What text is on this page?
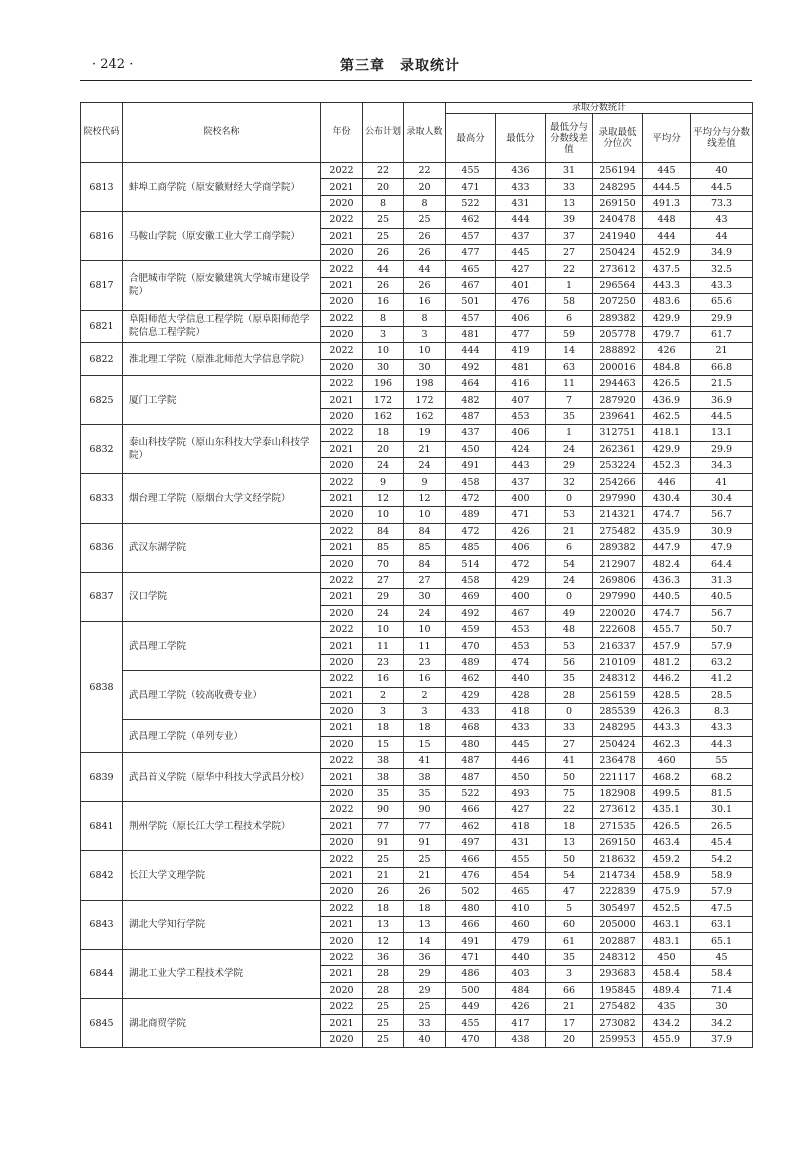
· 242 ·	第三章　录取统计
院校代码	院校名称	年份	公布计划	录取人数	录取分数统计					
					最高分	最低分	最低分与分数线差值	录取最低分位次	平均分	平均分与分数线差值
6813	蚌埠工商学院（原安徽财经大学商学院）	2022	22	22	455	436	31	256194	445	40
		2021	20	20	471	433	33	248295	444.5	44.5
		2020	8	8	522	431	13	269150	491.3	73.3
6816	马鞍山学院（原安徽工业大学工商学院）	2022	25	25	462	444	39	240478	448	43
		2021	25	26	457	437	37	241940	444	44
		2020	26	26	477	445	27	250424	452.9	34.9
6817	合肥城市学院（原安徽建筑大学城市建设学院）	2022	44	44	465	427	22	273612	437.5	32.5
		2021	26	26	467	401	1	296564	443.3	43.3
		2020	16	16	501	476	58	207250	483.6	65.6
6821	阜阳师范大学信息工程学院（原阜阳师范学院信息工程学院）	2022	8	8	457	406	6	289382	429.9	29.9
		2020	3	3	481	477	59	205778	479.7	61.7
6822	淮北理工学院（原淮北师范大学信息学院）	2022	10	10	444	419	14	288892	426	21
		2020	30	30	492	481	63	200016	484.8	66.8
6825	厦门工学院	2022	196	198	464	416	11	294463	426.5	21.5
		2021	172	172	482	407	7	287920	436.9	36.9
		2020	162	162	487	453	35	239641	462.5	44.5
6832	泰山科技学院（原山东科技大学泰山科技学院）	2022	18	19	437	406	1	312751	418.1	13.1
		2021	20	21	450	424	24	262361	429.9	29.9
		2020	24	24	491	443	29	253224	452.3	34.3
6833	烟台理工学院（原烟台大学文经学院）	2022	9	9	458	437	32	254266	446	41
		2021	12	12	472	400	0	297990	430.4	30.4
		2020	10	10	489	471	53	214321	474.7	56.7
6836	武汉东湖学院	2022	84	84	472	426	21	275482	435.9	30.9
		2021	85	85	485	406	6	289382	447.9	47.9
		2020	70	84	514	472	54	212907	482.4	64.4
6837	汉口学院	2022	27	27	458	429	24	269806	436.3	31.3
		2021	29	30	469	400	0	297990	440.5	40.5
		2020	24	24	492	467	49	220020	474.7	56.7
6838	武昌理工学院	2022	10	10	459	453	48	222608	455.7	50.7
		2021	11	11	470	453	53	216337	457.9	57.9
		2020	23	23	489	474	56	210109	481.2	63.2
	武昌理工学院（较高收费专业）	2022	16	16	462	440	35	248312	446.2	41.2
		2021	2	2	429	428	28	256159	428.5	28.5
		2020	3	3	433	418	0	285539	426.3	8.3
	武昌理工学院（单列专业）	2021	18	18	468	433	33	248295	443.3	43.3
		2020	15	15	480	445	27	250424	462.3	44.3
6839	武昌首义学院（原华中科技大学武昌分校）	2022	38	41	487	446	41	236478	460	55
		2021	38	38	487	450	50	221117	468.2	68.2
		2020	35	35	522	493	75	182908	499.5	81.5
6841	荆州学院（原长江大学工程技术学院）	2022	90	90	466	427	22	273612	435.1	30.1
		2021	77	77	462	418	18	271535	426.5	26.5
		2020	91	91	497	431	13	269150	463.4	45.4
6842	长江大学文理学院	2022	25	25	466	455	50	218632	459.2	54.2
		2021	21	21	476	454	54	214734	458.9	58.9
		2020	26	26	502	465	47	222839	475.9	57.9
6843	湖北大学知行学院	2022	18	18	480	410	5	305497	452.5	47.5
		2021	13	13	466	460	60	205000	463.1	63.1
		2020	12	14	491	479	61	202887	483.1	65.1
6844	湖北工业大学工程技术学院	2022	36	36	471	440	35	248312	450	45
		2021	28	29	486	403	3	293683	458.4	58.4
		2020	28	29	500	484	66	195845	489.4	71.4
6845	湖北商贸学院	2022	25	25	449	426	21	275482	435	30
		2021	25	33	455	417	17	273082	434.2	34.2
		2020	25	40	470	438	20	259953	455.9	37.9
